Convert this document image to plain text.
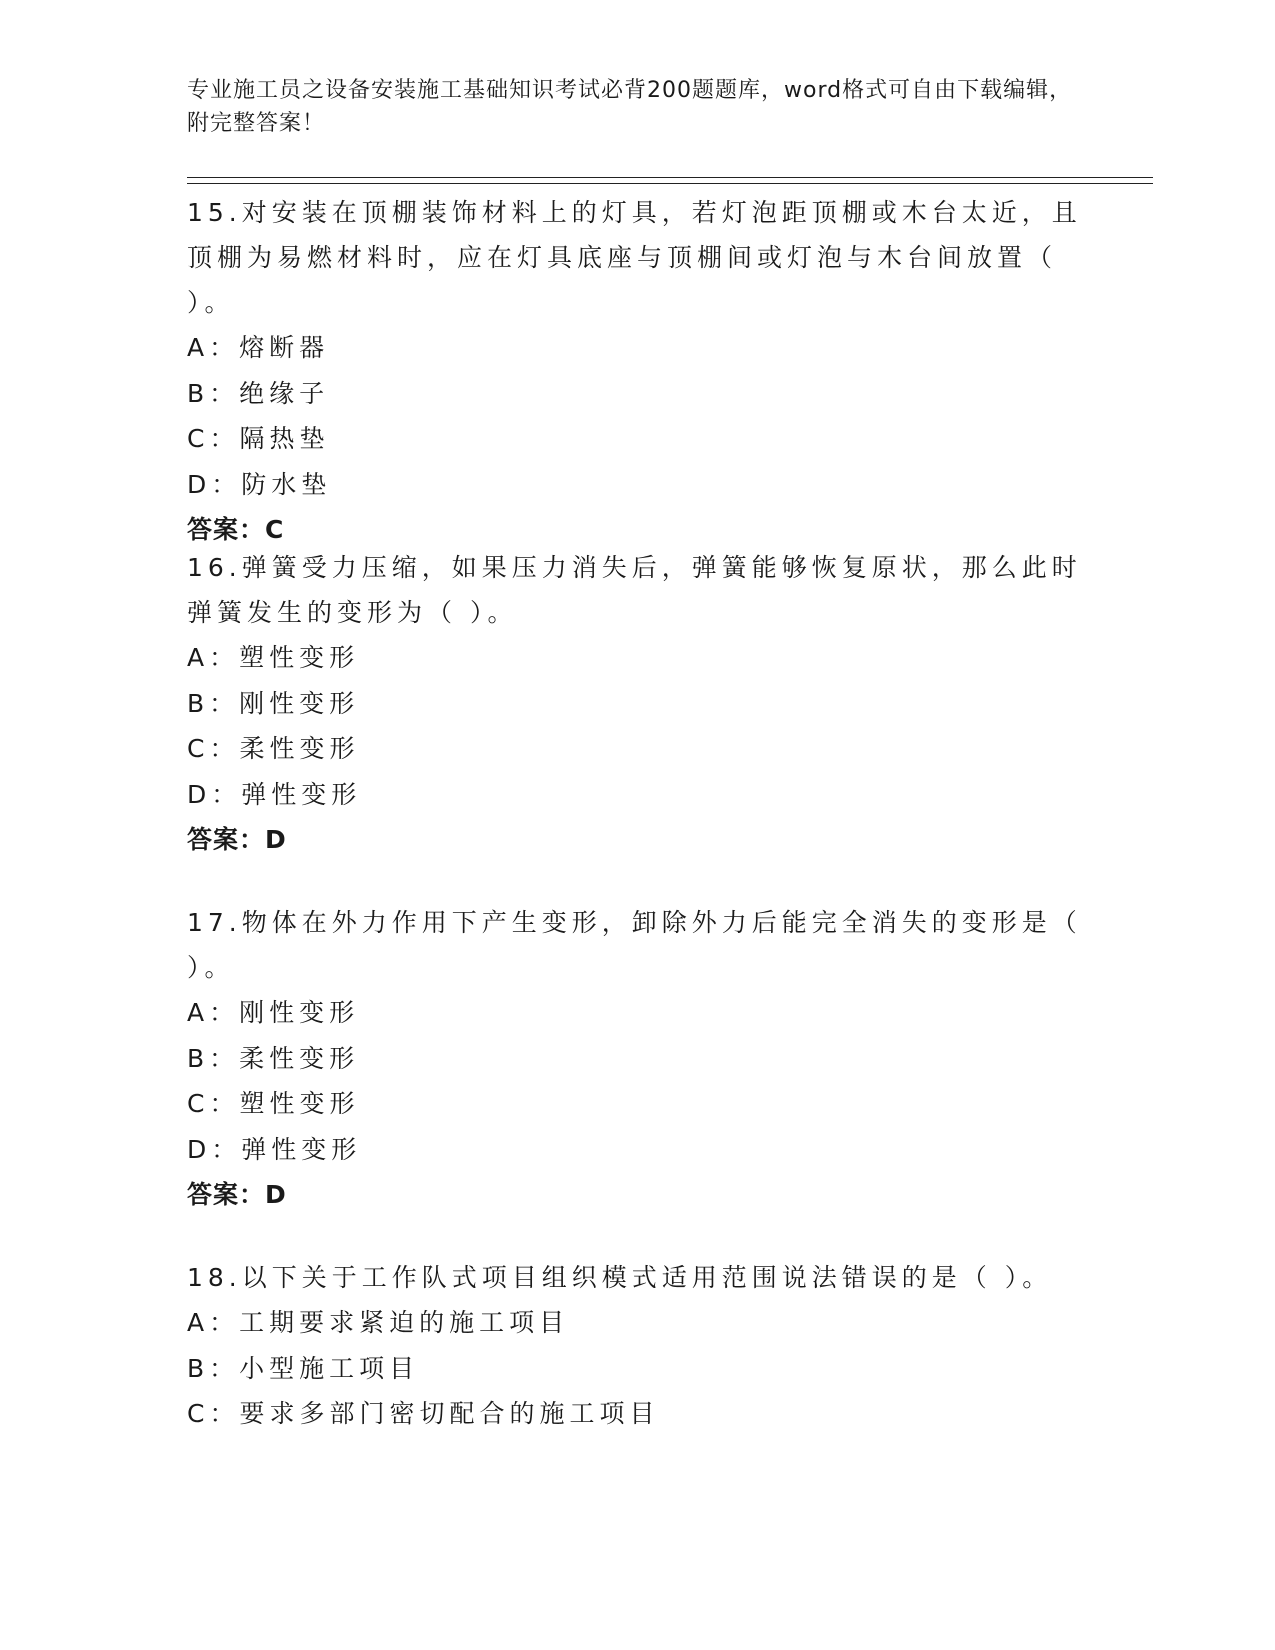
专业施工员之设备安装施工基础知识考试必背200题题库，word格式可自由下载编辑，附完整答案！

15.对安装在顶棚装饰材料上的灯具，若灯泡距顶棚或木台太近，且顶棚为易燃材料时，应在灯具底座与顶棚间或灯泡与木台间放置（ ）。

A：熔断器
B：绝缘子
C：隔热垫
D：防水垫
答案：C

16.弹簧受力压缩，如果压力消失后，弹簧能够恢复原状，那么此时弹簧发生的变形为（ ）。

A：塑性变形
B：刚性变形
C：柔性变形
D：弹性变形
答案：D

17.物体在外力作用下产生变形，卸除外力后能完全消失的变形是（ ）。

A：刚性变形
B：柔性变形
C：塑性变形
D：弹性变形
答案：D

18.以下关于工作队式项目组织模式适用范围说法错误的是（ ）。

A：工期要求紧迫的施工项目
B：小型施工项目
C：要求多部门密切配合的施工项目
